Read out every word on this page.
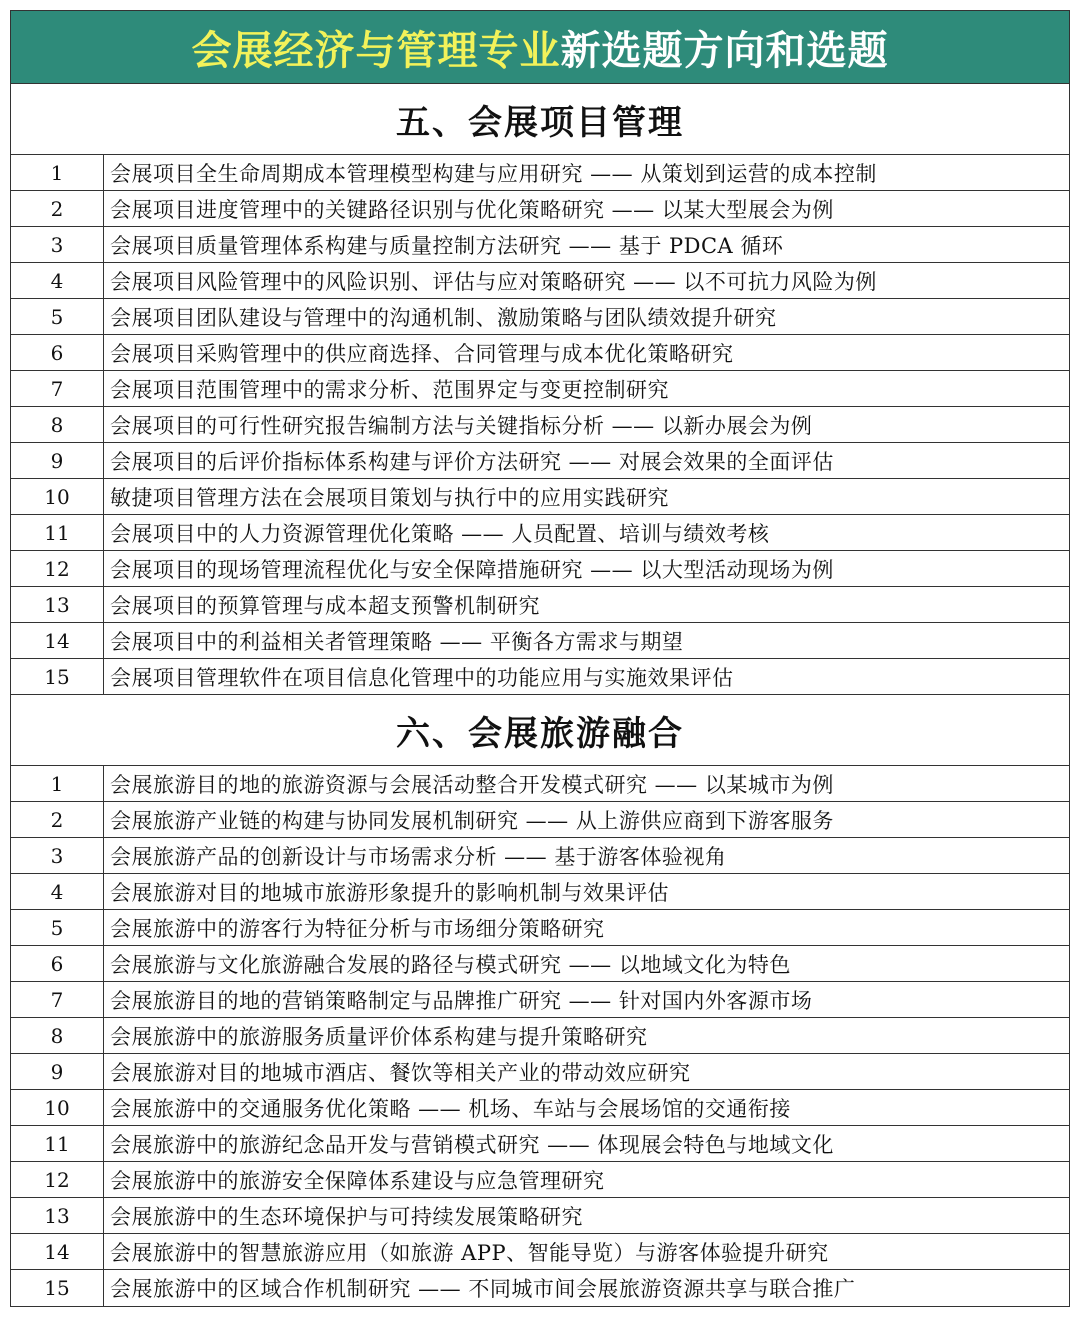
会展经济与管理专业 新选题方向和选题
五、会展项目管理
1	会展项目全生命周期成本管理模型构建与应用研究 —— 从策划到运营的成本控制
2	会展项目进度管理中的关键路径识别与优化策略研究 —— 以某大型展会为例
3	会展项目质量管理体系构建与质量控制方法研究 —— 基于 PDCA 循环
4	会展项目风险管理中的风险识别、评估与应对策略研究 —— 以不可抗力风险为例
5	会展项目团队建设与管理中的沟通机制、激励策略与团队绩效提升研究
6	会展项目采购管理中的供应商选择、合同管理与成本优化策略研究
7	会展项目范围管理中的需求分析、范围界定与变更控制研究
8	会展项目的可行性研究报告编制方法与关键指标分析 —— 以新办展会为例
9	会展项目的后评价指标体系构建与评价方法研究 —— 对展会效果的全面评估
10	敏捷项目管理方法在会展项目策划与执行中的应用实践研究
11	会展项目中的人力资源管理优化策略 —— 人员配置、培训与绩效考核
12	会展项目的现场管理流程优化与安全保障措施研究 —— 以大型活动现场为例
13	会展项目的预算管理与成本超支预警机制研究
14	会展项目中的利益相关者管理策略 —— 平衡各方需求与期望
15	会展项目管理软件在项目信息化管理中的功能应用与实施效果评估
六、会展旅游融合
1	会展旅游目的地的旅游资源与会展活动整合开发模式研究 —— 以某城市为例
2	会展旅游产业链的构建与协同发展机制研究 —— 从上游供应商到下游客服务
3	会展旅游产品的创新设计与市场需求分析 —— 基于游客体验视角
4	会展旅游对目的地城市旅游形象提升的影响机制与效果评估
5	会展旅游中的游客行为特征分析与市场细分策略研究
6	会展旅游与文化旅游融合发展的路径与模式研究 —— 以地域文化为特色
7	会展旅游目的地的营销策略制定与品牌推广研究 —— 针对国内外客源市场
8	会展旅游中的旅游服务质量评价体系构建与提升策略研究
9	会展旅游对目的地城市酒店、餐饮等相关产业的带动效应研究
10	会展旅游中的交通服务优化策略 —— 机场、车站与会展场馆的交通衔接
11	会展旅游中的旅游纪念品开发与营销模式研究 —— 体现展会特色与地域文化
12	会展旅游中的旅游安全保障体系建设与应急管理研究
13	会展旅游中的生态环境保护与可持续发展策略研究
14	会展旅游中的智慧旅游应用（如旅游 APP、智能导览）与游客体验提升研究
15	会展旅游中的区域合作机制研究 —— 不同城市间会展旅游资源共享与联合推广
